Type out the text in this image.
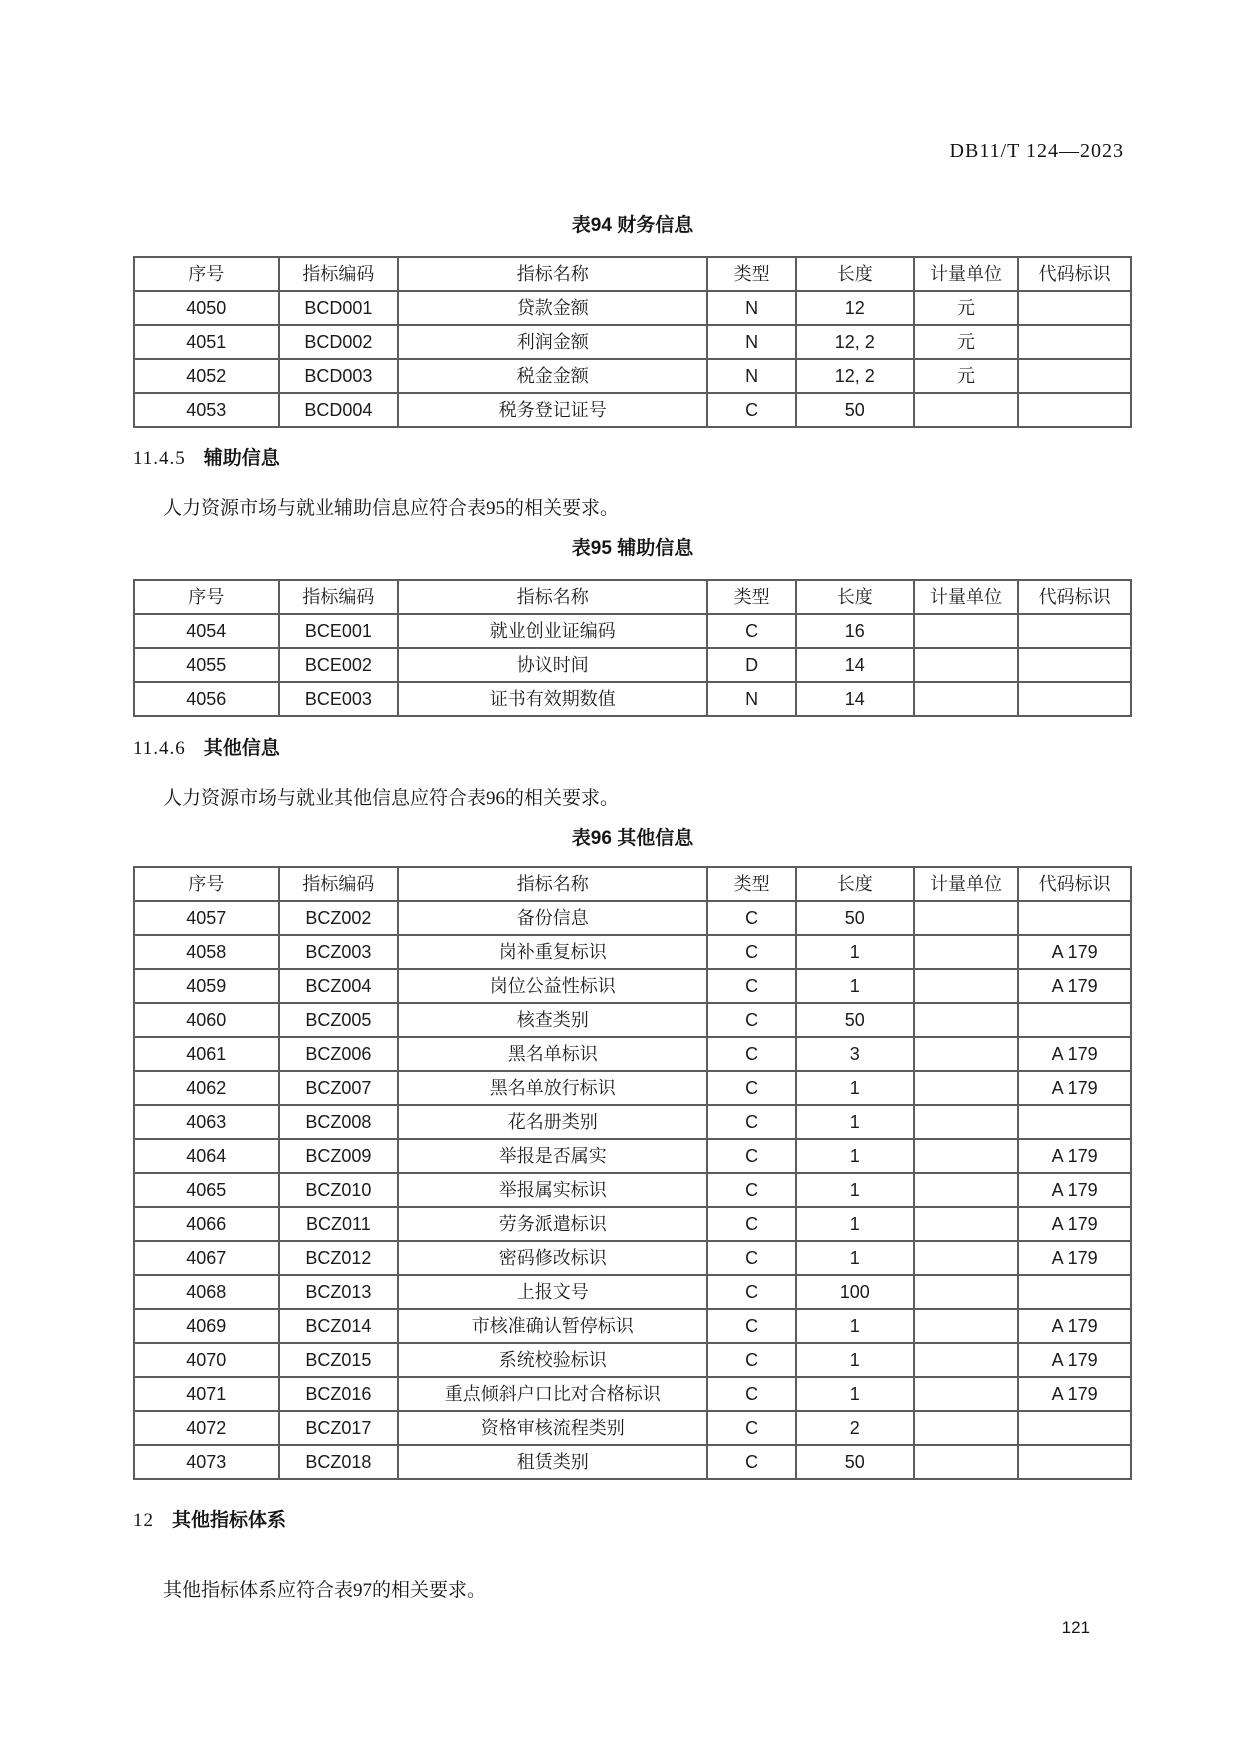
DB11/T 124—2023
表94 财务信息
序号	指标编码	指标名称	类型	长度	计量单位	代码标识
4050	BCD001	贷款金额	N	12	元	
4051	BCD002	利润金额	N	12, 2	元	
4052	BCD003	税金金额	N	12, 2	元	
4053	BCD004	税务登记证号	C	50		
11.4.5 辅助信息

人力资源市场与就业辅助信息应符合表95的相关要求。

表95 辅助信息
序号	指标编码	指标名称	类型	长度	计量单位	代码标识
4054	BCE001	就业创业证编码	C	16		
4055	BCE002	协议时间	D	14		
4056	BCE003	证书有效期数值	N	14		
11.4.6 其他信息

人力资源市场与就业其他信息应符合表96的相关要求。

表96 其他信息
序号	指标编码	指标名称	类型	长度	计量单位	代码标识
4057	BCZ002	备份信息	C	50		
4058	BCZ003	岗补重复标识	C	1		A 179
4059	BCZ004	岗位公益性标识	C	1		A 179
4060	BCZ005	核查类别	C	50		
4061	BCZ006	黑名单标识	C	3		A 179
4062	BCZ007	黑名单放行标识	C	1		A 179
4063	BCZ008	花名册类别	C	1		
4064	BCZ009	举报是否属实	C	1		A 179
4065	BCZ010	举报属实标识	C	1		A 179
4066	BCZ011	劳务派遣标识	C	1		A 179
4067	BCZ012	密码修改标识	C	1		A 179
4068	BCZ013	上报文号	C	100		
4069	BCZ014	市核准确认暂停标识	C	1		A 179
4070	BCZ015	系统校验标识	C	1		A 179
4071	BCZ016	重点倾斜户口比对合格标识	C	1		A 179
4072	BCZ017	资格审核流程类别	C	2		
4073	BCZ018	租赁类别	C	50		
12 其他指标体系

其他指标体系应符合表97的相关要求。

121
